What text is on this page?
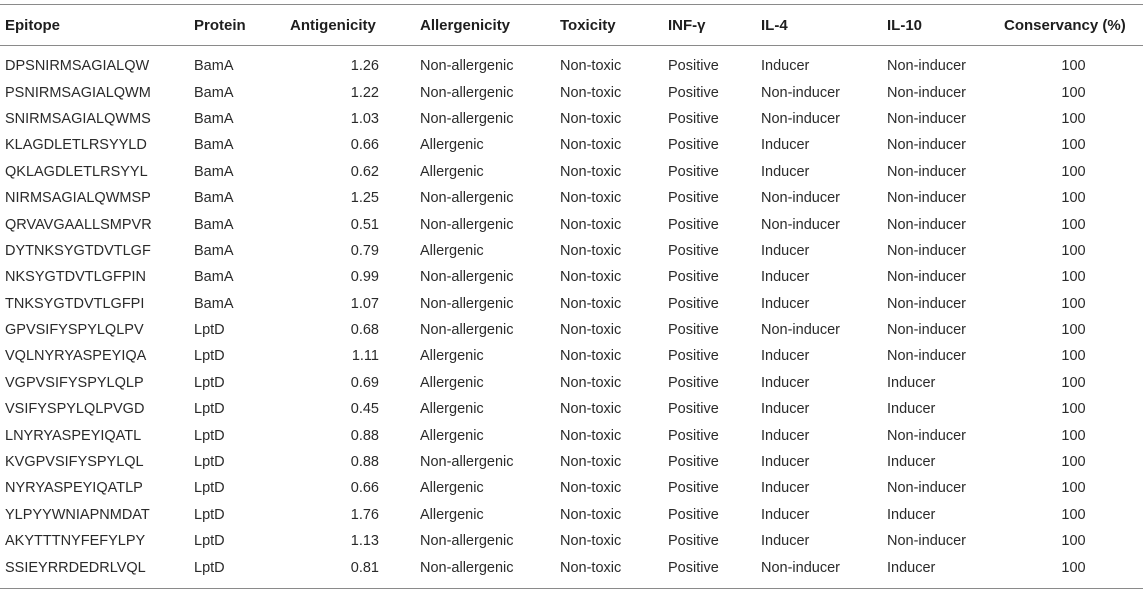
Epitope	Protein	Antigenicity	Allergenicity	Toxicity	INF-γ	IL-4	IL-10	Conservancy (%)
DPSNIRMSAGIALQW	BamA	1.26	Non-allergenic	Non-toxic	Positive	Inducer	Non-inducer	100
PSNIRMSAGIALQWM	BamA	1.22	Non-allergenic	Non-toxic	Positive	Non-inducer	Non-inducer	100
SNIRMSAGIALQWMS	BamA	1.03	Non-allergenic	Non-toxic	Positive	Non-inducer	Non-inducer	100
KLAGDLETLRSYYLD	BamA	0.66	Allergenic	Non-toxic	Positive	Inducer	Non-inducer	100
QKLAGDLETLRSYYL	BamA	0.62	Allergenic	Non-toxic	Positive	Inducer	Non-inducer	100
NIRMSAGIALQWMSP	BamA	1.25	Non-allergenic	Non-toxic	Positive	Non-inducer	Non-inducer	100
QRVAVGAALLSMPVR	BamA	0.51	Non-allergenic	Non-toxic	Positive	Non-inducer	Non-inducer	100
DYTNKSYGTDVTLGF	BamA	0.79	Allergenic	Non-toxic	Positive	Inducer	Non-inducer	100
NKSYGTDVTLGFPIN	BamA	0.99	Non-allergenic	Non-toxic	Positive	Inducer	Non-inducer	100
TNKSYGTDVTLGFPI	BamA	1.07	Non-allergenic	Non-toxic	Positive	Inducer	Non-inducer	100
GPVSIFYSPYLQLPV	LptD	0.68	Non-allergenic	Non-toxic	Positive	Non-inducer	Non-inducer	100
VQLNYRYASPEYIQA	LptD	1.11	Allergenic	Non-toxic	Positive	Inducer	Non-inducer	100
VGPVSIFYSPYLQLP	LptD	0.69	Allergenic	Non-toxic	Positive	Inducer	Inducer	100
VSIFYSPYLQLPVGD	LptD	0.45	Allergenic	Non-toxic	Positive	Inducer	Inducer	100
LNYRYASPEYIQATL	LptD	0.88	Allergenic	Non-toxic	Positive	Inducer	Non-inducer	100
KVGPVSIFYSPYLQL	LptD	0.88	Non-allergenic	Non-toxic	Positive	Inducer	Inducer	100
NYRYASPEYIQATLP	LptD	0.66	Allergenic	Non-toxic	Positive	Inducer	Non-inducer	100
YLPYYWNIAPNMDAT	LptD	1.76	Allergenic	Non-toxic	Positive	Inducer	Inducer	100
AKYTTTNYFEFYLPY	LptD	1.13	Non-allergenic	Non-toxic	Positive	Inducer	Non-inducer	100
SSIEYRRDEDRLVQL	LptD	0.81	Non-allergenic	Non-toxic	Positive	Non-inducer	Inducer	100
